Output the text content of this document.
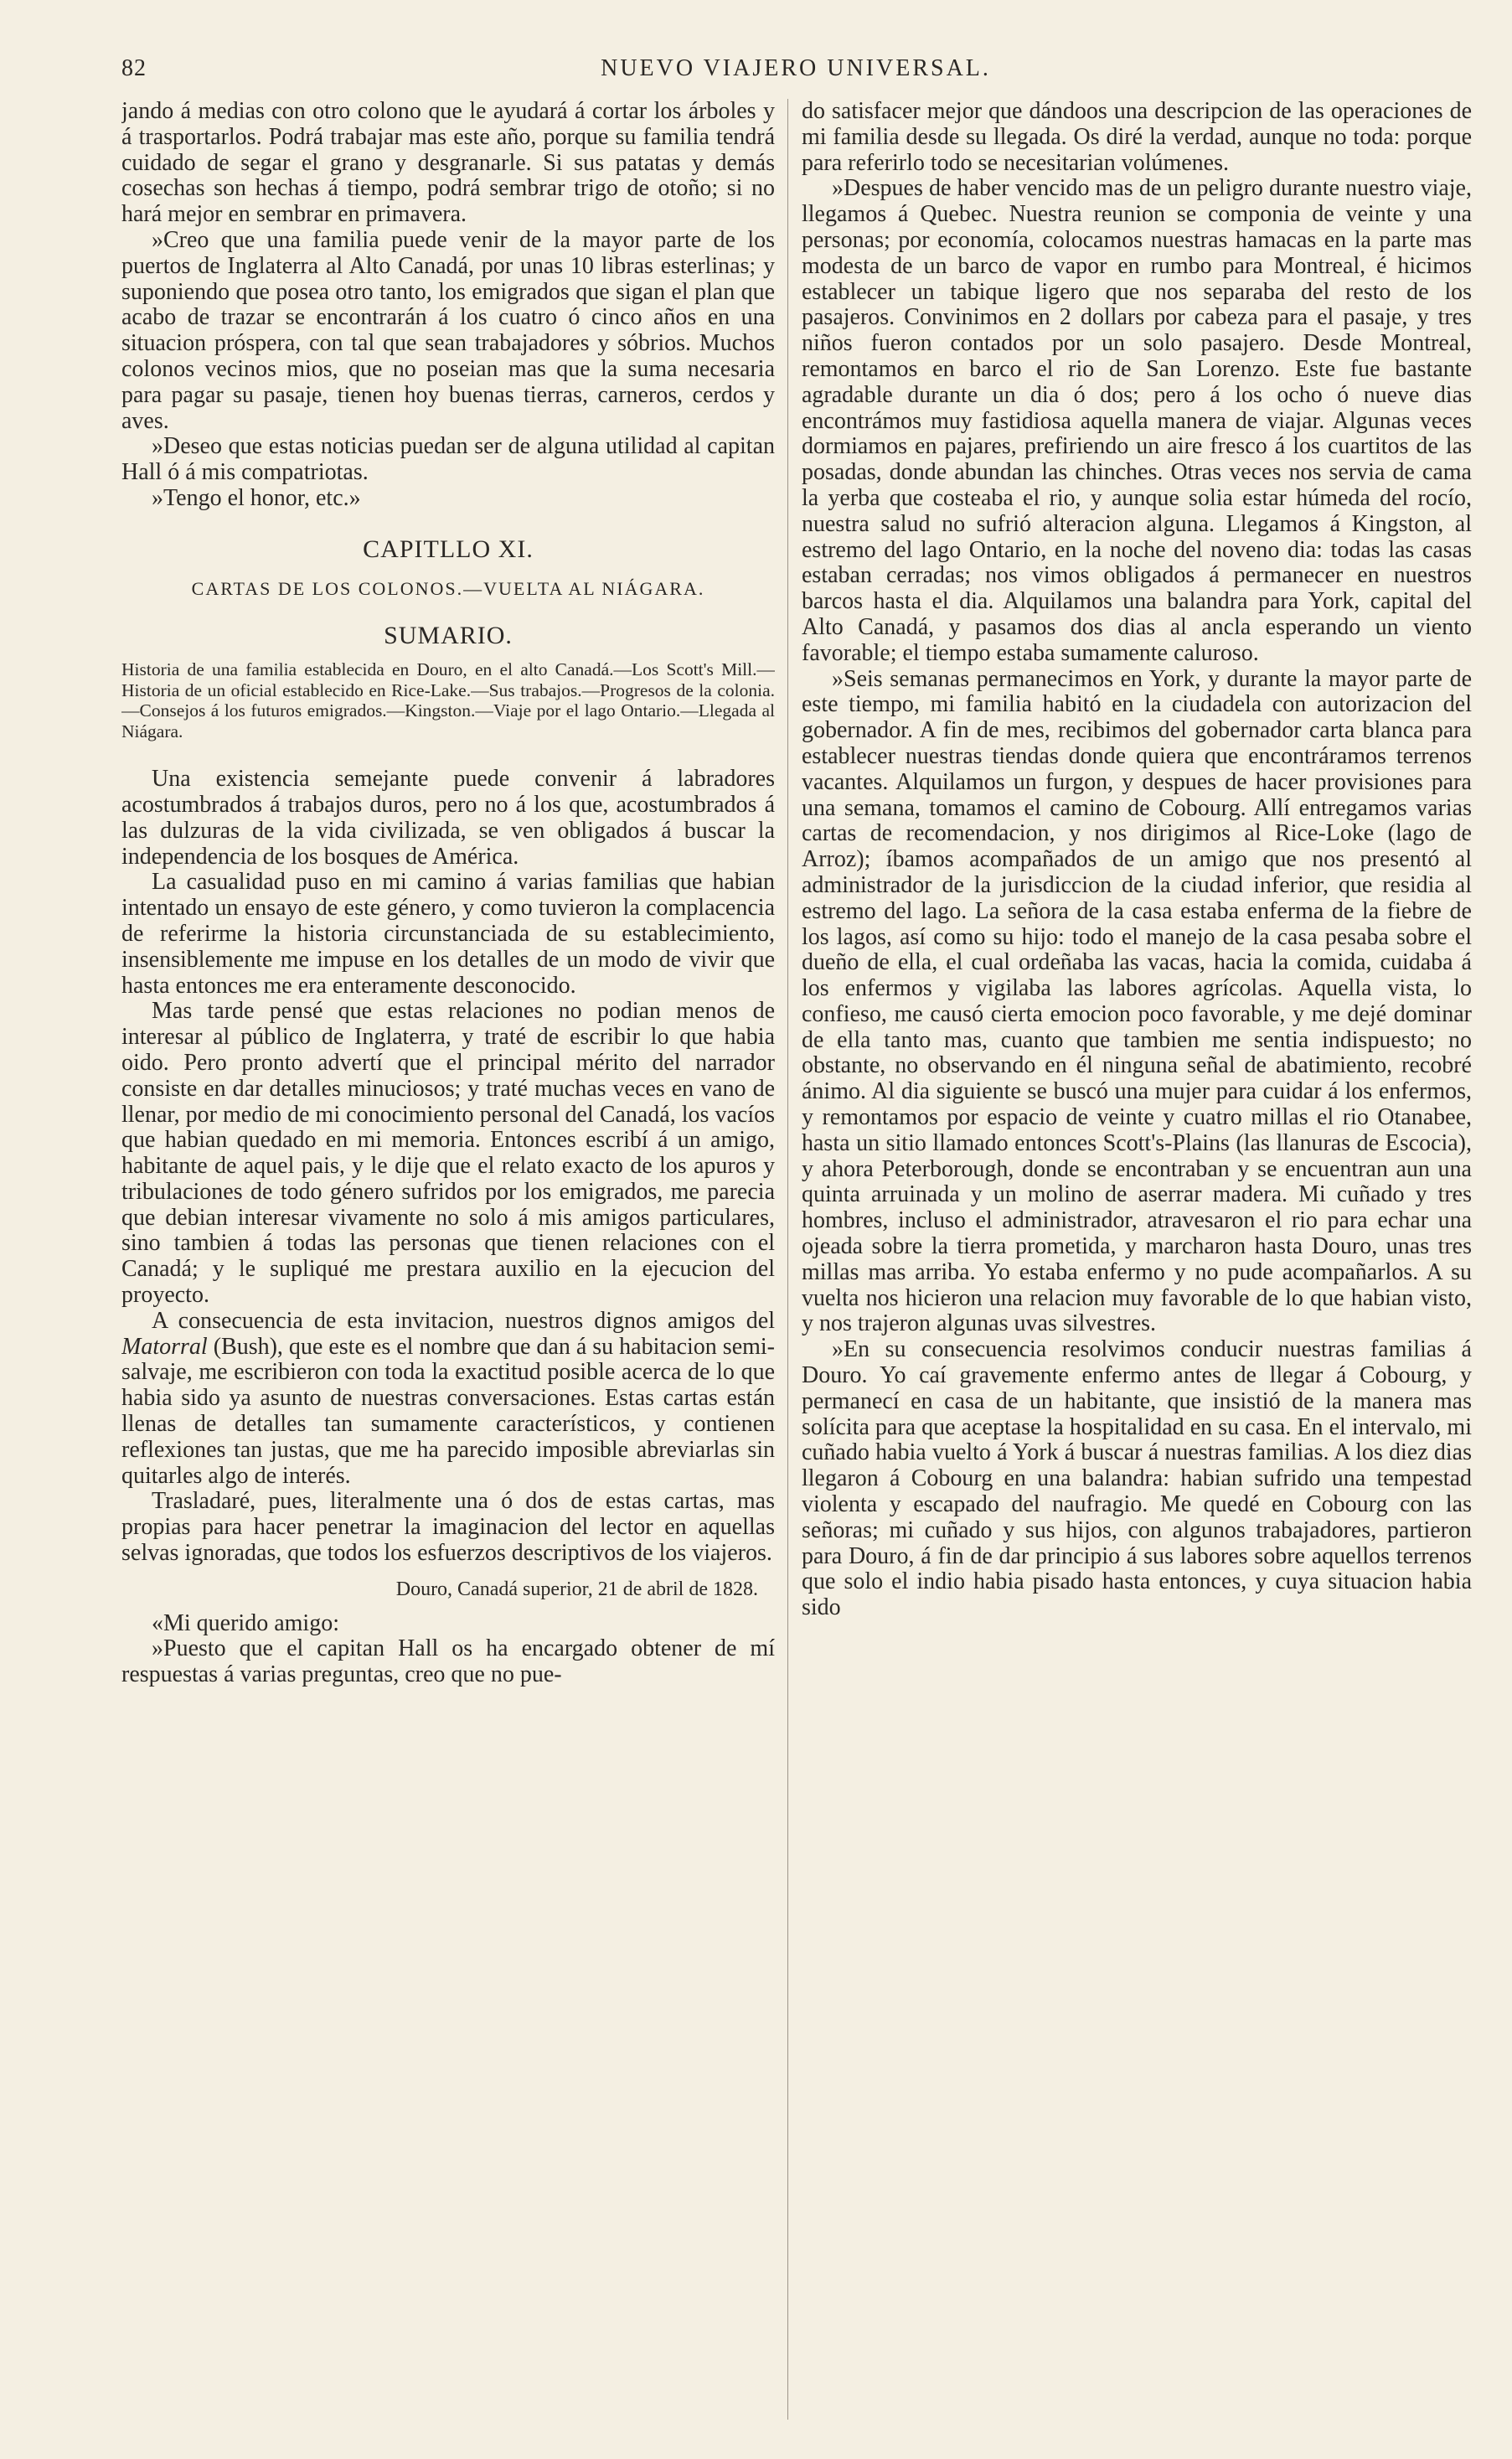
82	NUEVO VIAJERO UNIVERSAL.

jando á medias con otro colono que le ayudará á cortar los árboles y á trasportarlos. Podrá trabajar mas este año, porque su familia tendrá cuidado de segar el grano y desgranarle. Si sus patatas y demás cosechas son hechas á tiempo, podrá sembrar trigo de otoño; si no hará mejor en sembrar en primavera.

»Creo que una familia puede venir de la mayor parte de los puertos de Inglaterra al Alto Canadá, por unas 10 libras esterlinas; y suponiendo que posea otro tanto, los emigrados que sigan el plan que acabo de trazar se encontrarán á los cuatro ó cinco años en una situacion próspera, con tal que sean trabajadores y sóbrios. Muchos colonos vecinos mios, que no poseian mas que la suma necesaria para pagar su pasaje, tienen hoy buenas tierras, carneros, cerdos y aves.

»Deseo que estas noticias puedan ser de alguna utilidad al capitan Hall ó á mis compatriotas.

»Tengo el honor, etc.»

CAPITLLO XI.
CARTAS DE LOS COLONOS.—VUELTA AL NIÁGARA.
SUMARIO.

Historia de una familia establecida en Douro, en el alto Canadá.—Los Scott's Mill.—Historia de un oficial establecido en Rice-Lake.—Sus trabajos.—Progresos de la colonia.—Consejos á los futuros emigrados.—Kingston.—Viaje por el lago Ontario.—Llegada al Niágara.

Una existencia semejante puede convenir á labradores acostumbrados á trabajos duros, pero no á los que, acostumbrados á las dulzuras de la vida civilizada, se ven obligados á buscar la independencia de los bosques de América.

La casualidad puso en mi camino á varias familias que habian intentado un ensayo de este género, y como tuvieron la complacencia de referirme la historia circunstanciada de su establecimiento, insensiblemente me impuse en los detalles de un modo de vivir que hasta entonces me era enteramente desconocido.

Mas tarde pensé que estas relaciones no podian menos de interesar al público de Inglaterra, y traté de escribir lo que habia oido. Pero pronto advertí que el principal mérito del narrador consiste en dar detalles minuciosos; y traté muchas veces en vano de llenar, por medio de mi conocimiento personal del Canadá, los vacíos que habian quedado en mi memoria. Entonces escribí á un amigo, habitante de aquel pais, y le dije que el relato exacto de los apuros y tribulaciones de todo género sufridos por los emigrados, me parecia que debian interesar vivamente no solo á mis amigos particulares, sino tambien á todas las personas que tienen relaciones con el Canadá; y le supliqué me prestara auxilio en la ejecucion del proyecto.

A consecuencia de esta invitacion, nuestros dignos amigos del Matorral (Bush), que este es el nombre que dan á su habitacion semi-salvaje, me escribieron con toda la exactitud posible acerca de lo que habia sido ya asunto de nuestras conversaciones. Estas cartas están llenas de detalles tan sumamente característicos, y contienen reflexiones tan justas, que me ha parecido imposible abreviarlas sin quitarles algo de interés.

Trasladaré, pues, literalmente una ó dos de estas cartas, mas propias para hacer penetrar la imaginacion del lector en aquellas selvas ignoradas, que todos los esfuerzos descriptivos de los viajeros.

Douro, Canadá superior, 21 de abril de 1828.

«Mi querido amigo:

»Puesto que el capitan Hall os ha encargado obtener de mí respuestas á varias preguntas, creo que no pue-

do satisfacer mejor que dándoos una descripcion de las operaciones de mi familia desde su llegada. Os diré la verdad, aunque no toda: porque para referirlo todo se necesitarian volúmenes.

»Despues de haber vencido mas de un peligro durante nuestro viaje, llegamos á Quebec. Nuestra reunion se componia de veinte y una personas; por economía, colocamos nuestras hamacas en la parte mas modesta de un barco de vapor en rumbo para Montreal, é hicimos establecer un tabique ligero que nos separaba del resto de los pasajeros. Convinimos en 2 dollars por cabeza para el pasaje, y tres niños fueron contados por un solo pasajero. Desde Montreal, remontamos en barco el rio de San Lorenzo. Este fue bastante agradable durante un dia ó dos; pero á los ocho ó nueve dias encontrámos muy fastidiosa aquella manera de viajar. Algunas veces dormiamos en pajares, prefiriendo un aire fresco á los cuartitos de las posadas, donde abundan las chinches. Otras veces nos servia de cama la yerba que costeaba el rio, y aunque solia estar húmeda del rocío, nuestra salud no sufrió alteracion alguna. Llegamos á Kingston, al estremo del lago Ontario, en la noche del noveno dia: todas las casas estaban cerradas; nos vimos obligados á permanecer en nuestros barcos hasta el dia. Alquilamos una balandra para York, capital del Alto Canadá, y pasamos dos dias al ancla esperando un viento favorable; el tiempo estaba sumamente caluroso.

»Seis semanas permanecimos en York, y durante la mayor parte de este tiempo, mi familia habitó en la ciudadela con autorizacion del gobernador. A fin de mes, recibimos del gobernador carta blanca para establecer nuestras tiendas donde quiera que encontráramos terrenos vacantes. Alquilamos un furgon, y despues de hacer provisiones para una semana, tomamos el camino de Cobourg. Allí entregamos varias cartas de recomendacion, y nos dirigimos al Rice-Loke (lago de Arroz); íbamos acompañados de un amigo que nos presentó al administrador de la jurisdiccion de la ciudad inferior, que residia al estremo del lago. La señora de la casa estaba enferma de la fiebre de los lagos, así como su hijo: todo el manejo de la casa pesaba sobre el dueño de ella, el cual ordeñaba las vacas, hacia la comida, cuidaba á los enfermos y vigilaba las labores agrícolas. Aquella vista, lo confieso, me causó cierta emocion poco favorable, y me dejé dominar de ella tanto mas, cuanto que tambien me sentia indispuesto; no obstante, no observando en él ninguna señal de abatimiento, recobré ánimo. Al dia siguiente se buscó una mujer para cuidar á los enfermos, y remontamos por espacio de veinte y cuatro millas el rio Otanabee, hasta un sitio llamado entonces Scott's-Plains (las llanuras de Escocia), y ahora Peterborough, donde se encontraban y se encuentran aun una quinta arruinada y un molino de aserrar madera. Mi cuñado y tres hombres, incluso el administrador, atravesaron el rio para echar una ojeada sobre la tierra prometida, y marcharon hasta Douro, unas tres millas mas arriba. Yo estaba enfermo y no pude acompañarlos. A su vuelta nos hicieron una relacion muy favorable de lo que habian visto, y nos trajeron algunas uvas silvestres.

»En su consecuencia resolvimos conducir nuestras familias á Douro. Yo caí gravemente enfermo antes de llegar á Cobourg, y permanecí en casa de un habitante, que insistió de la manera mas solícita para que aceptase la hospitalidad en su casa. En el intervalo, mi cuñado habia vuelto á York á buscar á nuestras familias. A los diez dias llegaron á Cobourg en una balandra: habian sufrido una tempestad violenta y escapado del naufragio. Me quedé en Cobourg con las señoras; mi cuñado y sus hijos, con algunos trabajadores, partieron para Douro, á fin de dar principio á sus labores sobre aquellos terrenos que solo el indio habia pisado hasta entonces, y cuya situacion habia sido
